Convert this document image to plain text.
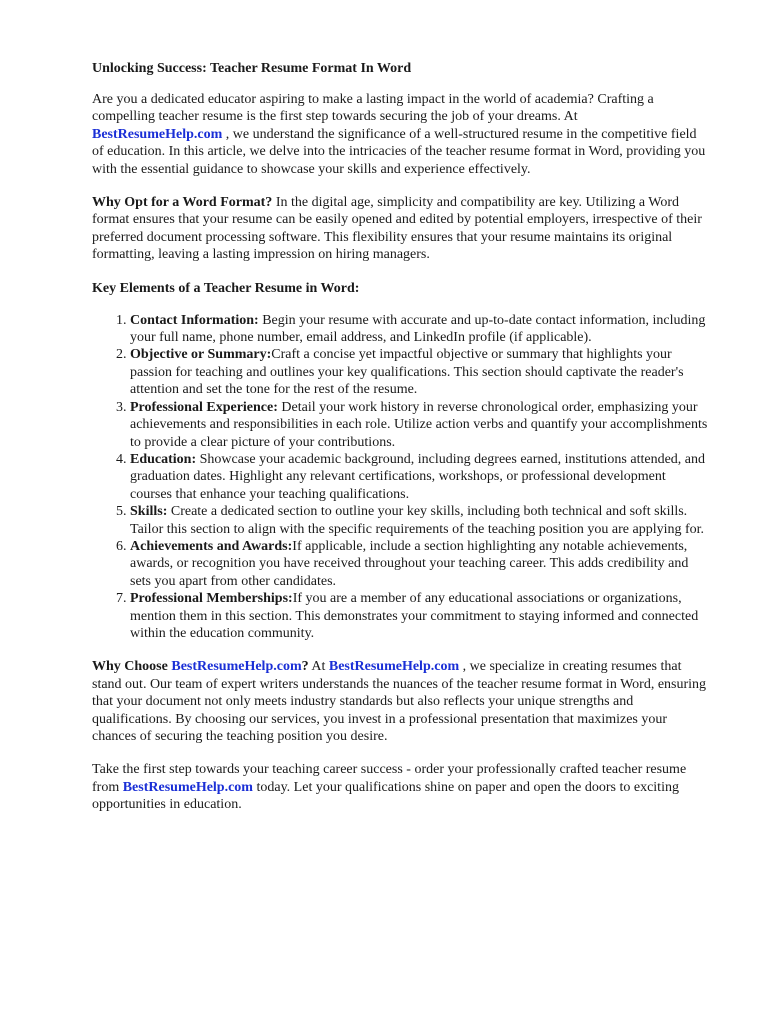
Unlocking Success: Teacher Resume Format In Word

Are you a dedicated educator aspiring to make a lasting impact in the world of academia? Crafting a compelling teacher resume is the first step towards securing the job of your dreams. At
BestResumeHelp.com , we understand the significance of a well-structured resume in the competitive field of education. In this article, we delve into the intricacies of the teacher resume format in Word, providing you with the essential guidance to showcase your skills and experience effectively.

Why Opt for a Word Format? In the digital age, simplicity and compatibility are key. Utilizing a Word format ensures that your resume can be easily opened and edited by potential employers, irrespective of their preferred document processing software. This flexibility ensures that your resume maintains its original formatting, leaving a lasting impression on hiring managers.

Key Elements of a Teacher Resume in Word:
1. Contact Information: Begin your resume with accurate and up-to-date contact information, including your full name, phone number, email address, and LinkedIn profile (if applicable).
2. Objective or Summary:Craft a concise yet impactful objective or summary that highlights your passion for teaching and outlines your key qualifications. This section should captivate the reader's attention and set the tone for the rest of the resume.
3. Professional Experience: Detail your work history in reverse chronological order, emphasizing your achievements and responsibilities in each role. Utilize action verbs and quantify your accomplishments to provide a clear picture of your contributions.
4. Education: Showcase your academic background, including degrees earned, institutions attended, and graduation dates. Highlight any relevant certifications, workshops, or professional development courses that enhance your teaching qualifications.
5. Skills: Create a dedicated section to outline your key skills, including both technical and soft skills. Tailor this section to align with the specific requirements of the teaching position you are applying for.
6. Achievements and Awards:If applicable, include a section highlighting any notable achievements, awards, or recognition you have received throughout your teaching career. This adds credibility and sets you apart from other candidates.
7. Professional Memberships:If you are a member of any educational associations or organizations, mention them in this section. This demonstrates your commitment to staying informed and connected within the education community.

Why Choose BestResumeHelp.com? At BestResumeHelp.com , we specialize in creating resumes that stand out. Our team of expert writers understands the nuances of the teacher resume format in Word, ensuring that your document not only meets industry standards but also reflects your unique strengths and qualifications. By choosing our services, you invest in a professional presentation that maximizes your chances of securing the teaching position you desire.

Take the first step towards your teaching career success - order your professionally crafted teacher resume from BestResumeHelp.com today. Let your qualifications shine on paper and open the doors to exciting opportunities in education.
